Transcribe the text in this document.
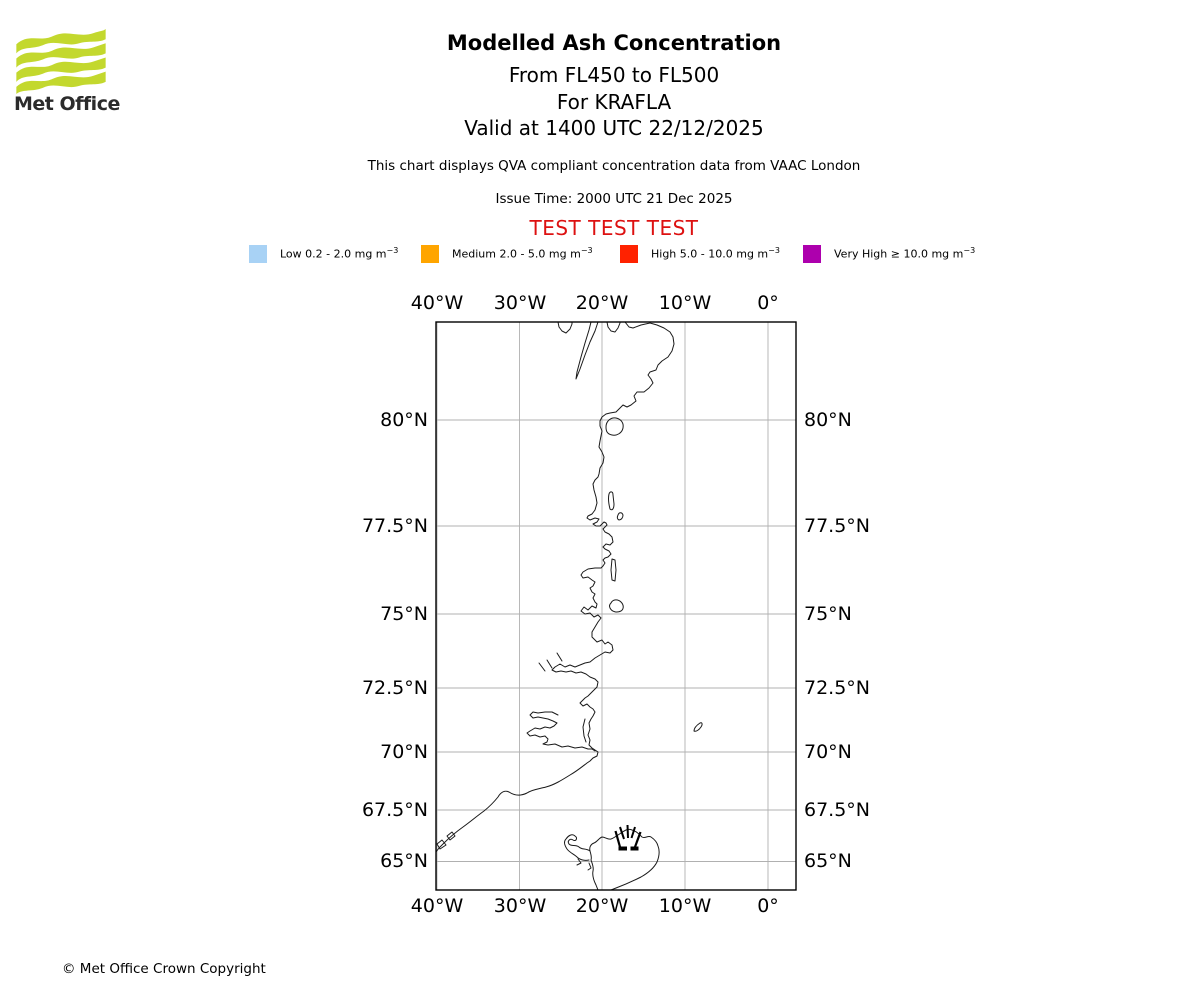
Met Office
Modelled Ash Concentration
From FL450 to FL500
For KRAFLA
Valid at 1400 UTC 22/12/2025
This chart displays QVA compliant concentration data from VAAC London
Issue Time: 2000 UTC 21 Dec 2025
TEST TEST TEST
Low 0.2 - 2.0 mg $m^{-3}$	Medium 2.0 - 5.0 mg $m^{-3}$	High 5.0 - 10.0 mg $m^{-3}$	Very High ≥ 10.0 mg $m^{-3}$
40°W	30°W	20°W	10°W	0°
40°W	30°W	20°W	10°W	0°
80°N
77.5°N
75°N
72.5°N
70°N
67.5°N
65°N
80°N
77.5°N
75°N
72.5°N
70°N
67.5°N
65°N
© Met Office Crown Copyright
